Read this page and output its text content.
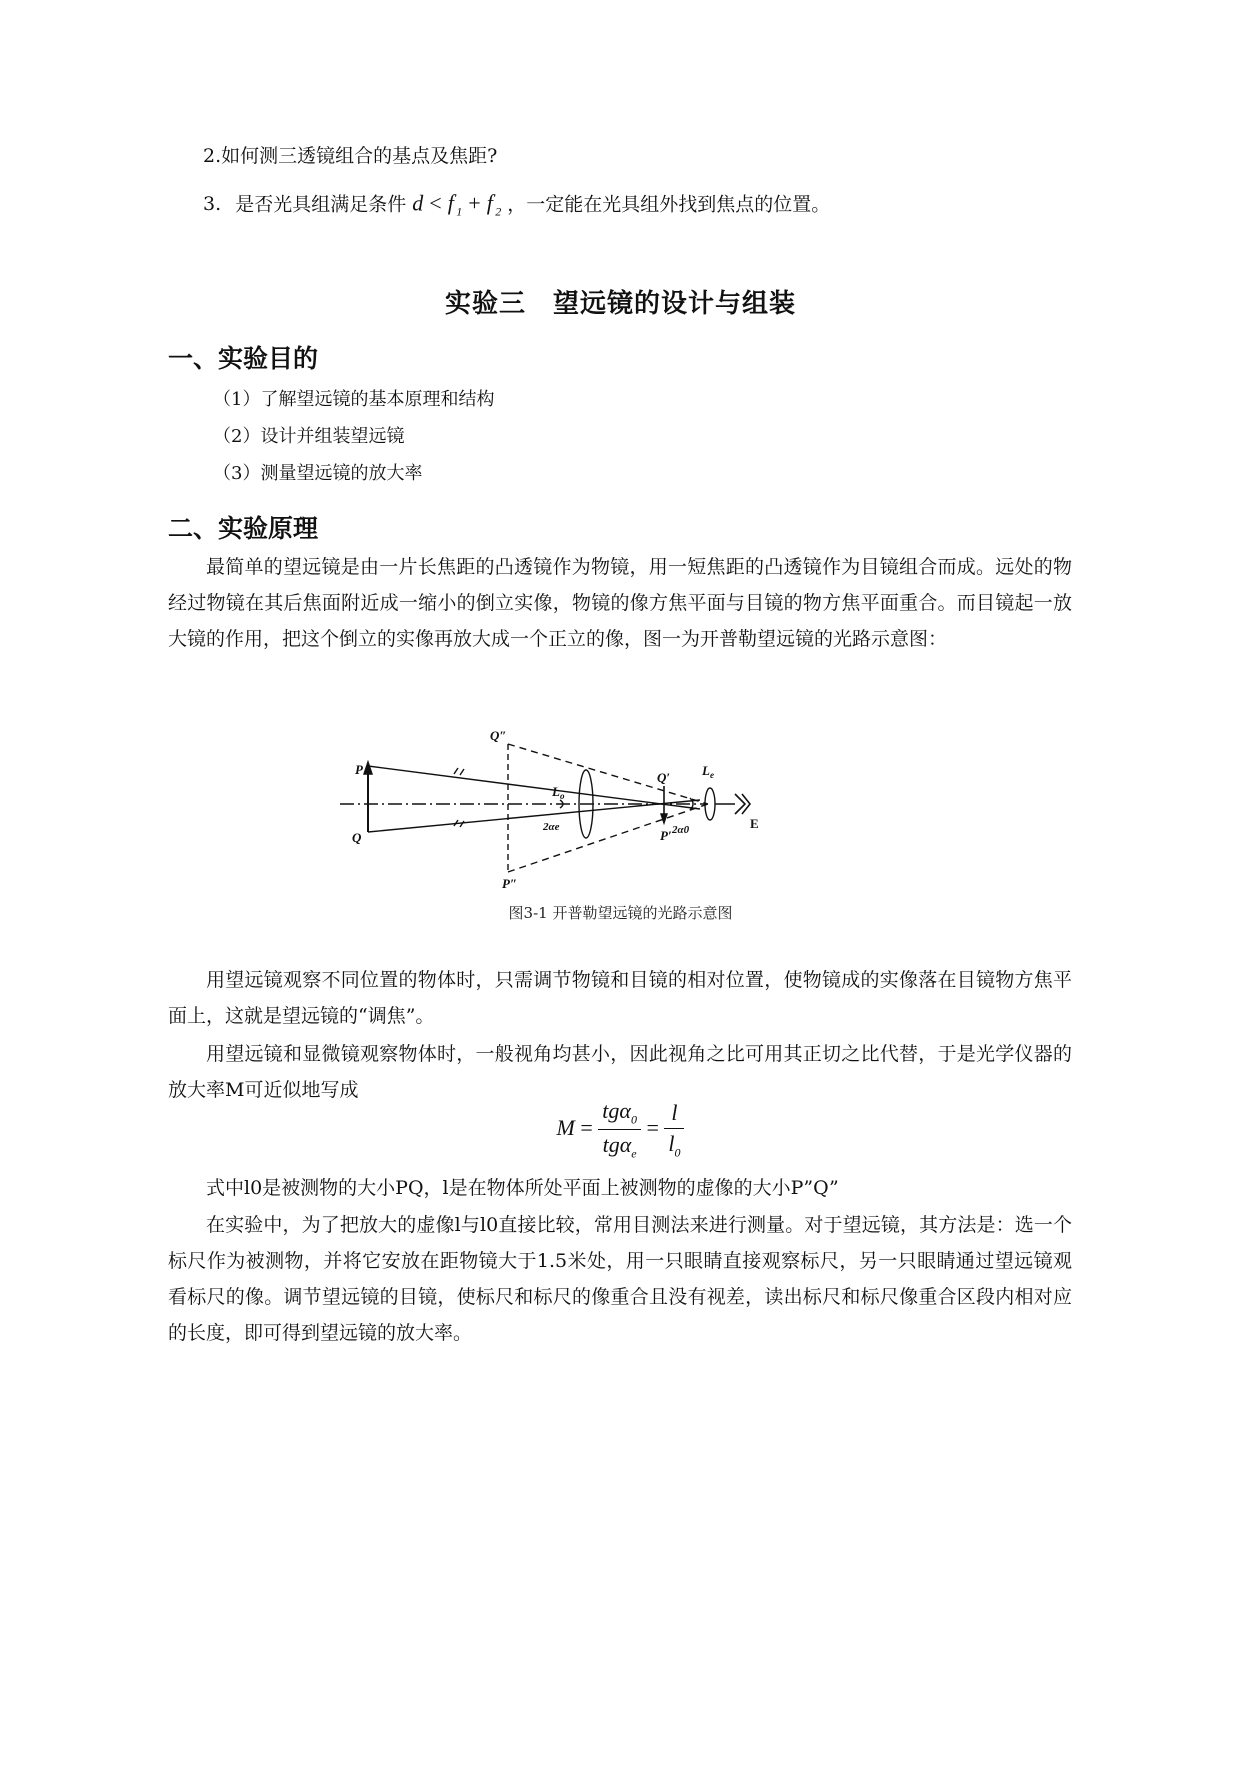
2.如何测三透镜组合的基点及焦距?
3. 是否光具组满足条件 $d < f'_1 + f'_2$ ，一定能在光具组外找到焦点的位置。
实验三　望远镜的设计与组装
一、实验目的
（1）了解望远镜的基本原理和结构
（2）设计并组装望远镜
（3）测量望远镜的放大率
二、实验原理
最简单的望远镜是由一片长焦距的凸透镜作为物镜，用一短焦距的凸透镜作为目镜组合而成。远处的物经过物镜在其后焦面附近成一缩小的倒立实像，物镜的像方焦平面与目镜的物方焦平面重合。而目镜起一放大镜的作用，把这个倒立的实像再放大成一个正立的像，图一为开普勒望远镜的光路示意图：
P
Q
Q″
P″
$L_o$
2αe
Q′
P′ 2α0
$L_e$
E
图3-1 开普勒望远镜的光路示意图
用望远镜观察不同位置的物体时，只需调节物镜和目镜的相对位置，使物镜成的实像落在目镜物方焦平面上，这就是望远镜的“调焦”。
用望远镜和显微镜观察物体时，一般视角均甚小，因此视角之比可用其正切之比代替，于是光学仪器的放大率M可近似地写成
$M = \frac{tg\alpha_0}{tg\alpha_e} = \frac{l}{l_0}$
式中l0是被测物的大小PQ，l是在物体所处平面上被测物的虚像的大小P”Q”
在实验中，为了把放大的虚像l与l0直接比较，常用目测法来进行测量。对于望远镜，其方法是：选一个标尺作为被测物，并将它安放在距物镜大于1.5米处，用一只眼睛直接观察标尺，另一只眼睛通过望远镜观看标尺的像。调节望远镜的目镜，使标尺和标尺的像重合且没有视差，读出标尺和标尺像重合区段内相对应的长度，即可得到望远镜的放大率。
